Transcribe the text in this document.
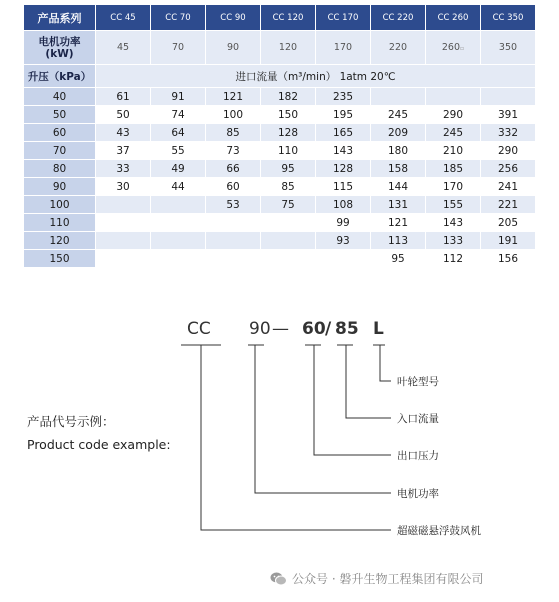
产品系列	CC 45	CC 70	CC 90	CC 120	CC 170	CC 220	CC 260	CC 350
电机功率
(kW)	45	70	90	120	170	220	260▫	350
升压（kPa）	进口流量（m³/min） 1atm 20℃							
40	61	91	121	182	235			
50	50	74	100	150	195	245	290	391
60	43	64	85	128	165	209	245	332
70	37	55	73	110	143	180	210	290
80	33	49	66	95	128	158	185	256
90	30	44	60	85	115	144	170	241
100			53	75	108	131	155	221
110					99	121	143	205
120					93	113	133	191
150						95	112	156
CC 90 — 60 / 85 L
叶轮型号
入口流量
出口压力
电机功率
超磁磁悬浮鼓风机
产品代号示例：
Product code example:
公众号 · 磐升生物工程集团有限公司
